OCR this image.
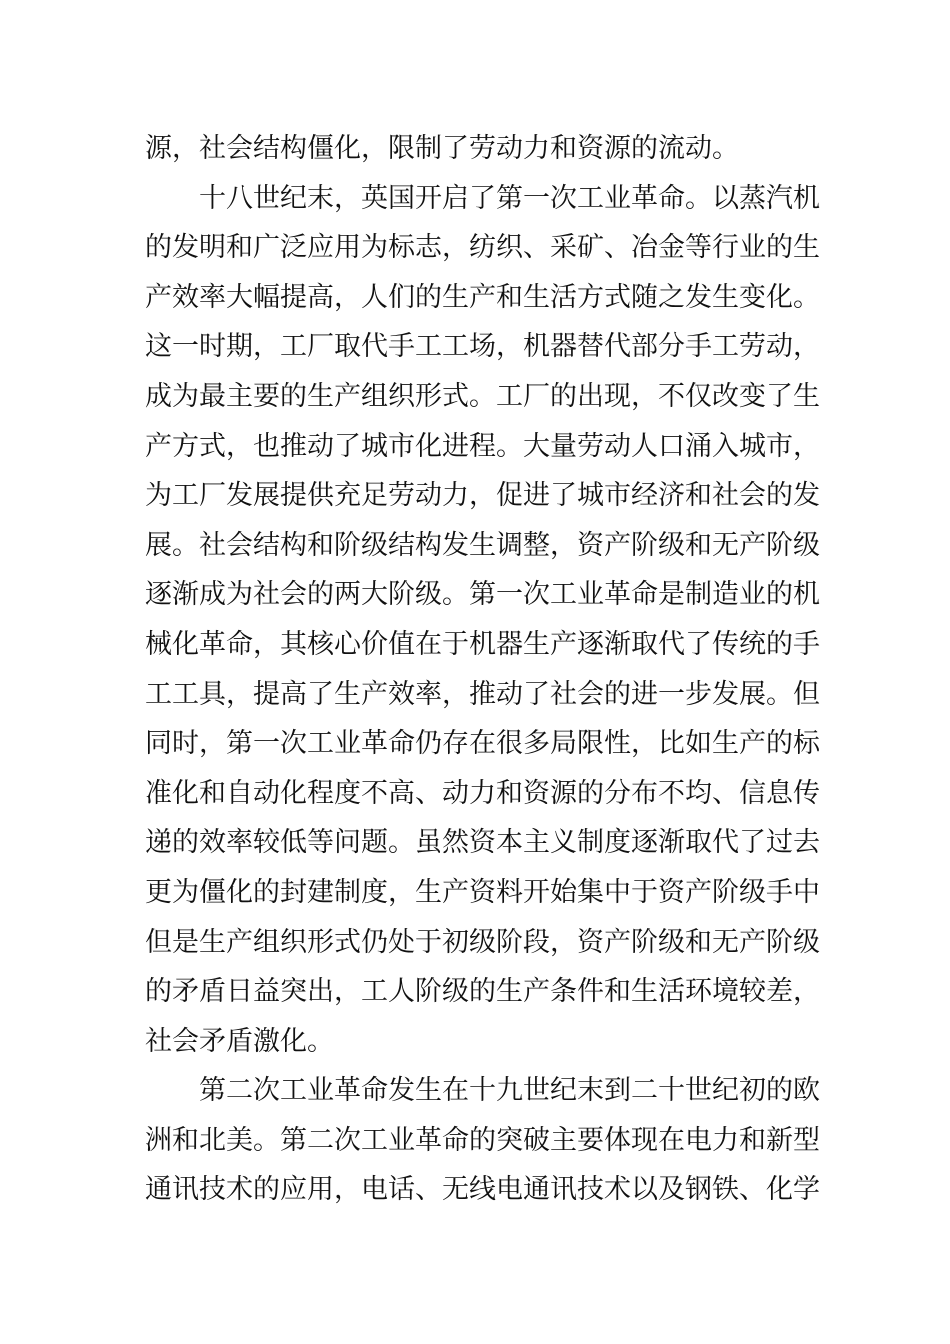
源，社会结构僵化，限制了劳动力和资源的流动。
十八世纪末，英国开启了第一次工业革命。以蒸汽机
的发明和广泛应用为标志，纺织、采矿、冶金等行业的生
产效率大幅提高，人们的生产和生活方式随之发生变化。
这一时期，工厂取代手工工场，机器替代部分手工劳动，
成为最主要的生产组织形式。工厂的出现，不仅改变了生
产方式，也推动了城市化进程。大量劳动人口涌入城市，
为工厂发展提供充足劳动力，促进了城市经济和社会的发
展。社会结构和阶级结构发生调整，资产阶级和无产阶级
逐渐成为社会的两大阶级。第一次工业革命是制造业的机
械化革命，其核心价值在于机器生产逐渐取代了传统的手
工工具，提高了生产效率，推动了社会的进一步发展。但
同时，第一次工业革命仍存在很多局限性，比如生产的标
准化和自动化程度不高、动力和资源的分布不均、信息传
递的效率较低等问题。虽然资本主义制度逐渐取代了过去
更为僵化的封建制度，生产资料开始集中于资产阶级手中
但是生产组织形式仍处于初级阶段，资产阶级和无产阶级
的矛盾日益突出，工人阶级的生产条件和生活环境较差，
社会矛盾激化。
第二次工业革命发生在十九世纪末到二十世纪初的欧
洲和北美。第二次工业革命的突破主要体现在电力和新型
通讯技术的应用，电话、无线电通讯技术以及钢铁、化学
